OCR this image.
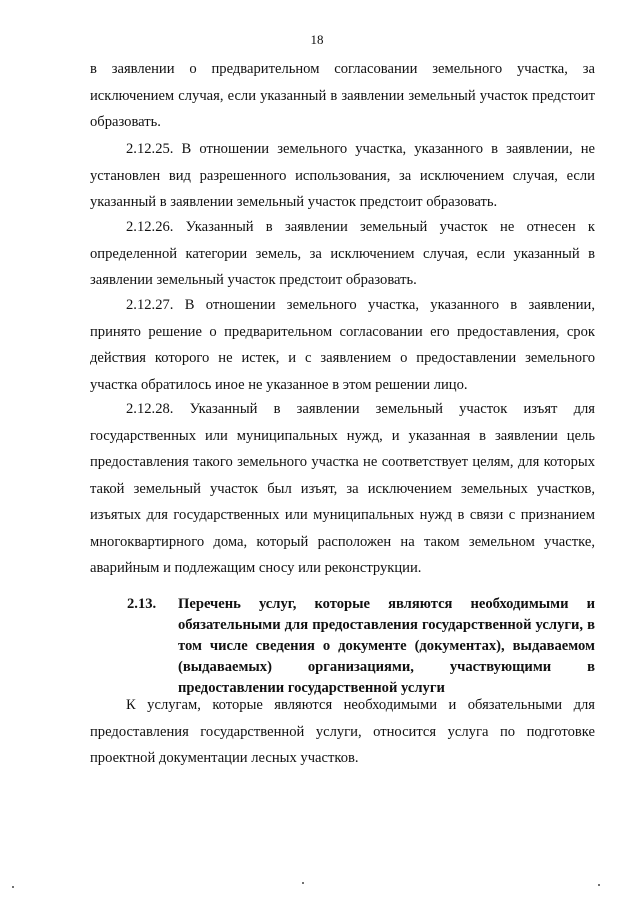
18

в заявлении о предварительном согласовании земельного участка, за исключением случая, если указанный в заявлении земельный участок предстоит образовать.

2.12.25. В отношении земельного участка, указанного в заявлении, не установлен вид разрешенного использования, за исключением случая, если указанный в заявлении земельный участок предстоит образовать.

2.12.26. Указанный в заявлении земельный участок не отнесен к определенной категории земель, за исключением случая, если указанный в заявлении земельный участок предстоит образовать.

2.12.27. В отношении земельного участка, указанного в заявлении, принято решение о предварительном согласовании его предоставления, срок действия которого не истек, и с заявлением о предоставлении земельного участка обратилось иное не указанное в этом решении лицо.

2.12.28. Указанный в заявлении земельный участок изъят для государственных или муниципальных нужд, и указанная в заявлении цель предоставления такого земельного участка не соответствует целям, для которых такой земельный участок был изъят, за исключением земельных участков, изъятых для государственных или муниципальных нужд в связи с признанием многоквартирного дома, который расположен на таком земельном участке, аварийным и подлежащим сносу или реконструкции.

2.13. Перечень услуг, которые являются необходимыми и обязательными для предоставления государственной услуги, в том числе сведения о документе (документах), выдаваемом (выдаваемых) организациями, участвующими в предоставлении государственной услуги

К услугам, которые являются необходимыми и обязательными для предоставления государственной услуги, относится услуга по подготовке проектной документации лесных участков.
